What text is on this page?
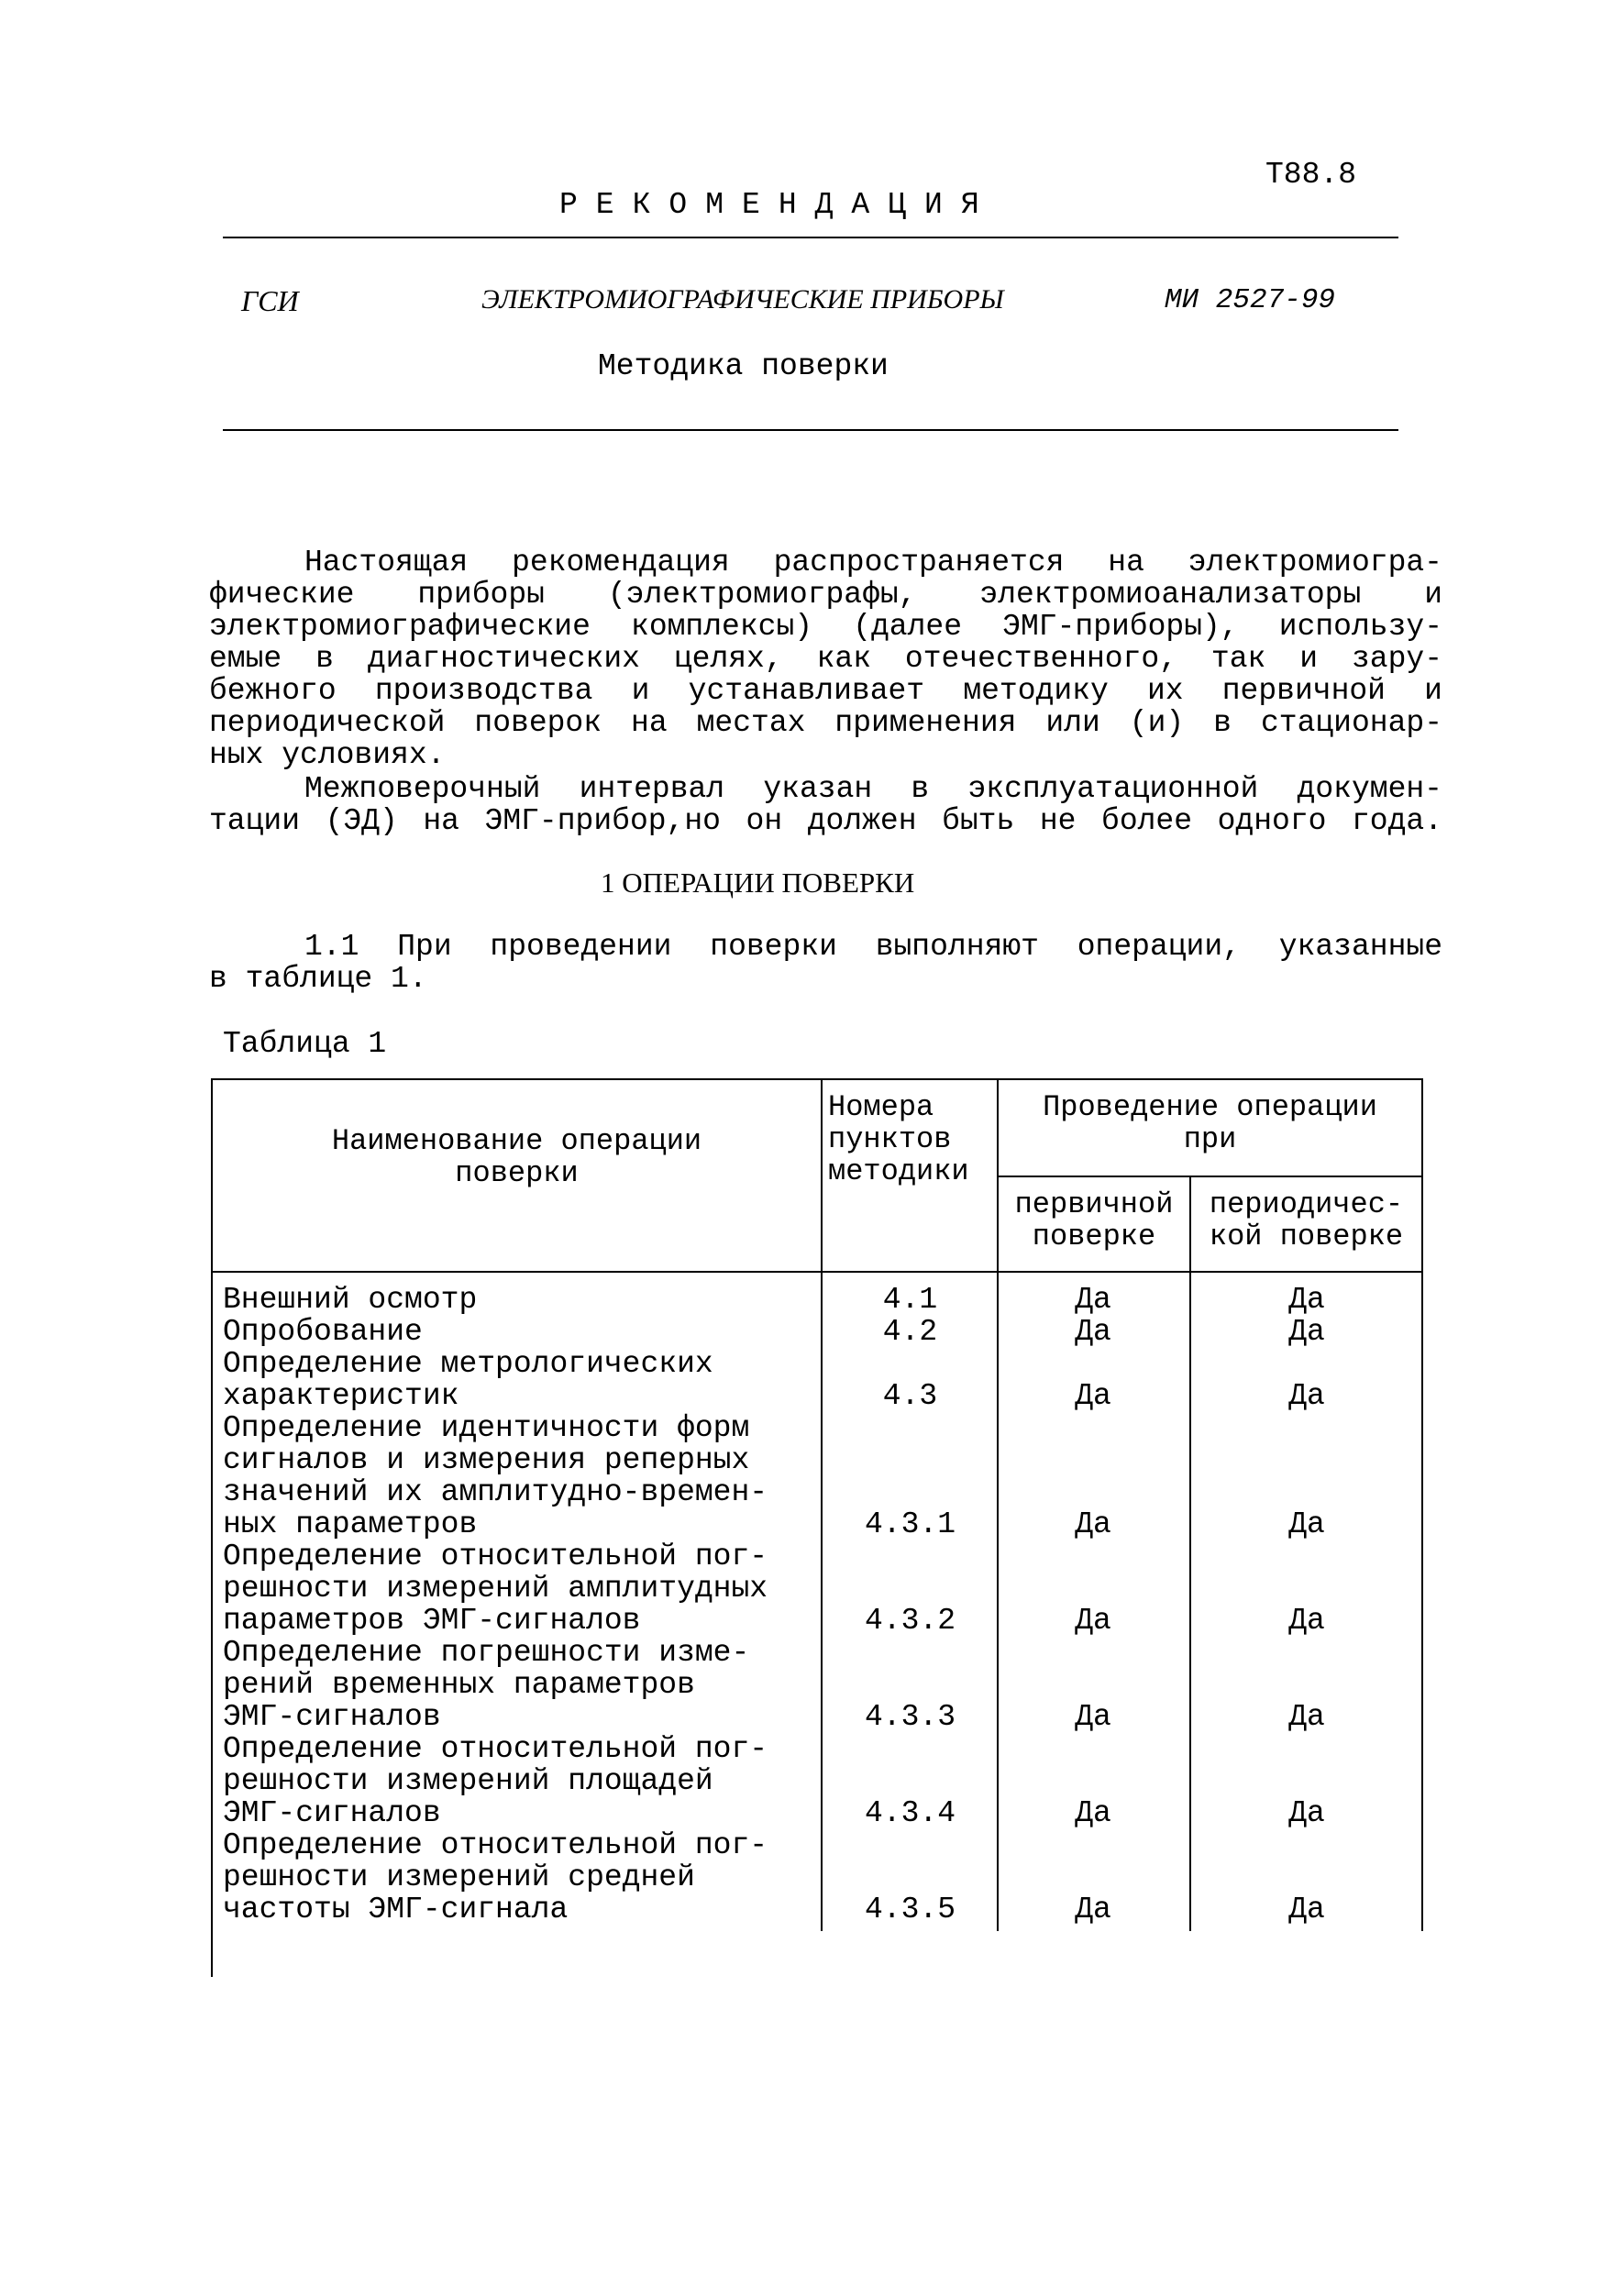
Т88.8
РЕКОМЕНДАЦИЯ
ГСИ	ЭЛЕКТРОМИОГРАФИЧЕСКИЕ ПРИБОРЫ	МИ 2527-99
Методика поверки
Настоящая рекомендация распространяется на электромиогра-
фические приборы (электромиографы, электромиоанализаторы и
электромиографические комплексы) (далее ЭМГ-приборы), использу-
емые в диагностических целях, как отечественного, так и зару-
бежного производства и устанавливает методику их первичной и
периодической поверок на местах применения или (и) в стационар-
ных условиях.
Межповерочный интервал указан в эксплуатационной докумен-
тации (ЭД) на ЭМГ-прибор,но он должен быть не более одного года.
1 ОПЕРАЦИИ ПОВЕРКИ
1.1 При проведении поверки выполняют операции, указанные
в таблице 1.
Таблица 1
Наименование операции
поверки
Номера
пунктов
методики
Проведение операции
при
первичной
поверке
периодичес-
кой поверке
Внешний осмотр
Опробование
Определение метрологических
характеристик
Определение идентичности форм
сигналов и измерения реперных
значений их амплитудно-времен-
ных параметров
Определение относительной пог-
решности измерений амплитудных
параметров ЭМГ-сигналов
Определение погрешности изме-
рений временных параметров
ЭМГ-сигналов
Определение относительной пог-
решности измерений площадей
ЭМГ-сигналов
Определение относительной пог-
решности измерений средней
частоты ЭМГ-сигнала
4.1
4.2
4.3
4.3.1
4.3.2
4.3.3
4.3.4
4.3.5
Да
Да
Да
Да
Да
Да
Да
Да
Да
Да
Да
Да
Да
Да
Да
Да
